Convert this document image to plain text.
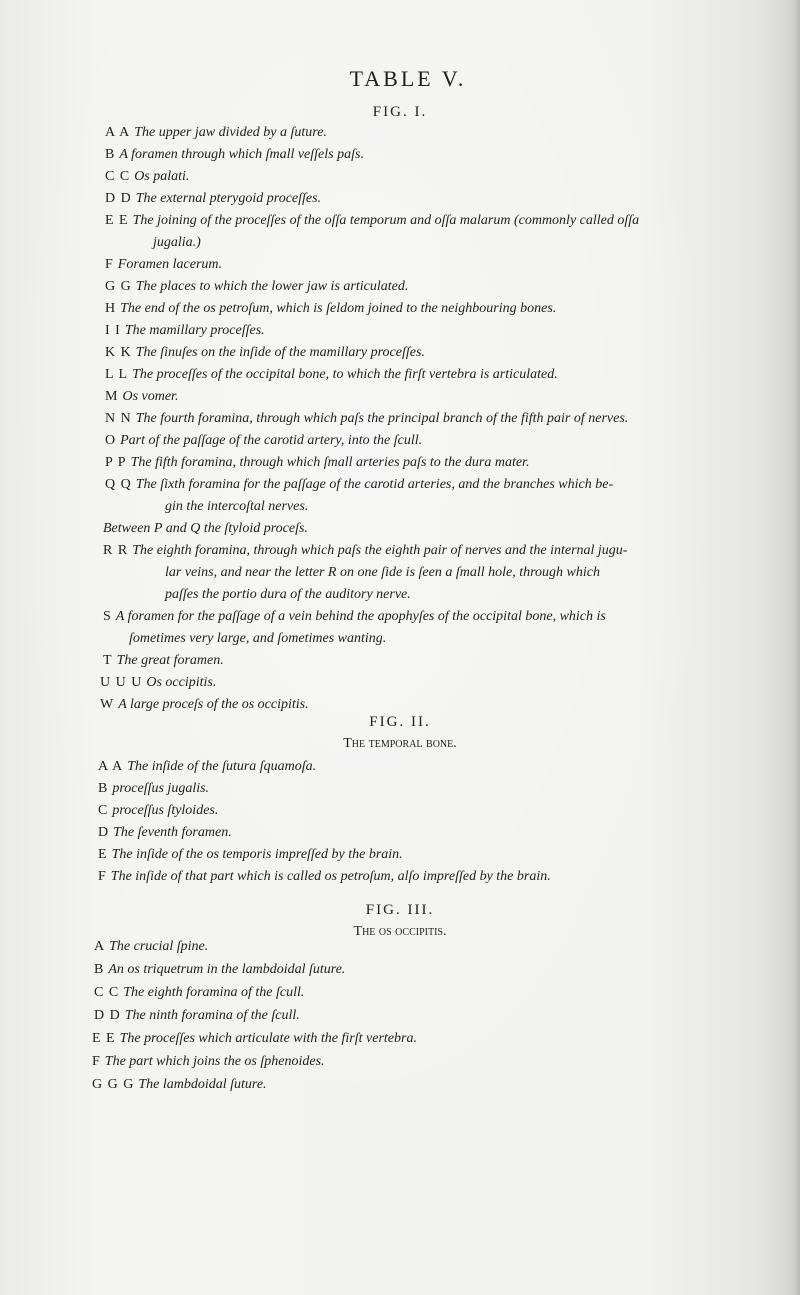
TABLE V.
FIG. I.
A A The upper jaw divided by a ſuture.
B A foramen through which ſmall veſſels paſs.
C C Os palati.
D D The external pterygoid proceſſes.
E E The joining of the proceſſes of the oſſa temporum and oſſa malarum (commonly called oſſa
jugalia.)
F Foramen lacerum.
G G The places to which the lower jaw is articulated.
H The end of the os petroſum, which is ſeldom joined to the neighbouring bones.
I I The mamillary proceſſes.
K K The ſinuſes on the inſide of the mamillary proceſſes.
L L The proceſſes of the occipital bone, to which the firſt vertebra is articulated.
M Os vomer.
N N The fourth foramina, through which paſs the principal branch of the fifth pair of nerves.
O Part of the paſſage of the carotid artery, into the ſcull.
P P The fifth foramina, through which ſmall arteries paſs to the dura mater.
Q Q The ſixth foramina for the paſſage of the carotid arteries, and the branches which be-
gin the intercoſtal nerves.
Between P and Q the ſtyloid proceſs.
R R The eighth foramina, through which paſs the eighth pair of nerves and the internal jugu-
lar veins, and near the letter R on one ſide is ſeen a ſmall hole, through which
paſſes the portio dura of the auditory nerve.
S A foramen for the paſſage of a vein behind the apophyſes of the occipital bone, which is
ſometimes very large, and ſometimes wanting.
T The great foramen.
U U U Os occipitis.
W A large proceſs of the os occipitis.
FIG. II.
The temporal bone.
A A The inſide of the ſutura ſquamoſa.
B proceſſus jugalis.
C proceſſus ſtyloides.
D The ſeventh foramen.
E The inſide of the os temporis impreſſed by the brain.
F The inſide of that part which is called os petroſum, alſo impreſſed by the brain.
FIG. III.
The os occipitis.
A The crucial ſpine.
B An os triquetrum in the lambdoidal ſuture.
C C The eighth foramina of the ſcull.
D D The ninth foramina of the ſcull.
E E The proceſſes which articulate with the firſt vertebra.
F The part which joins the os ſphenoides.
G G G The lambdoidal ſuture.
